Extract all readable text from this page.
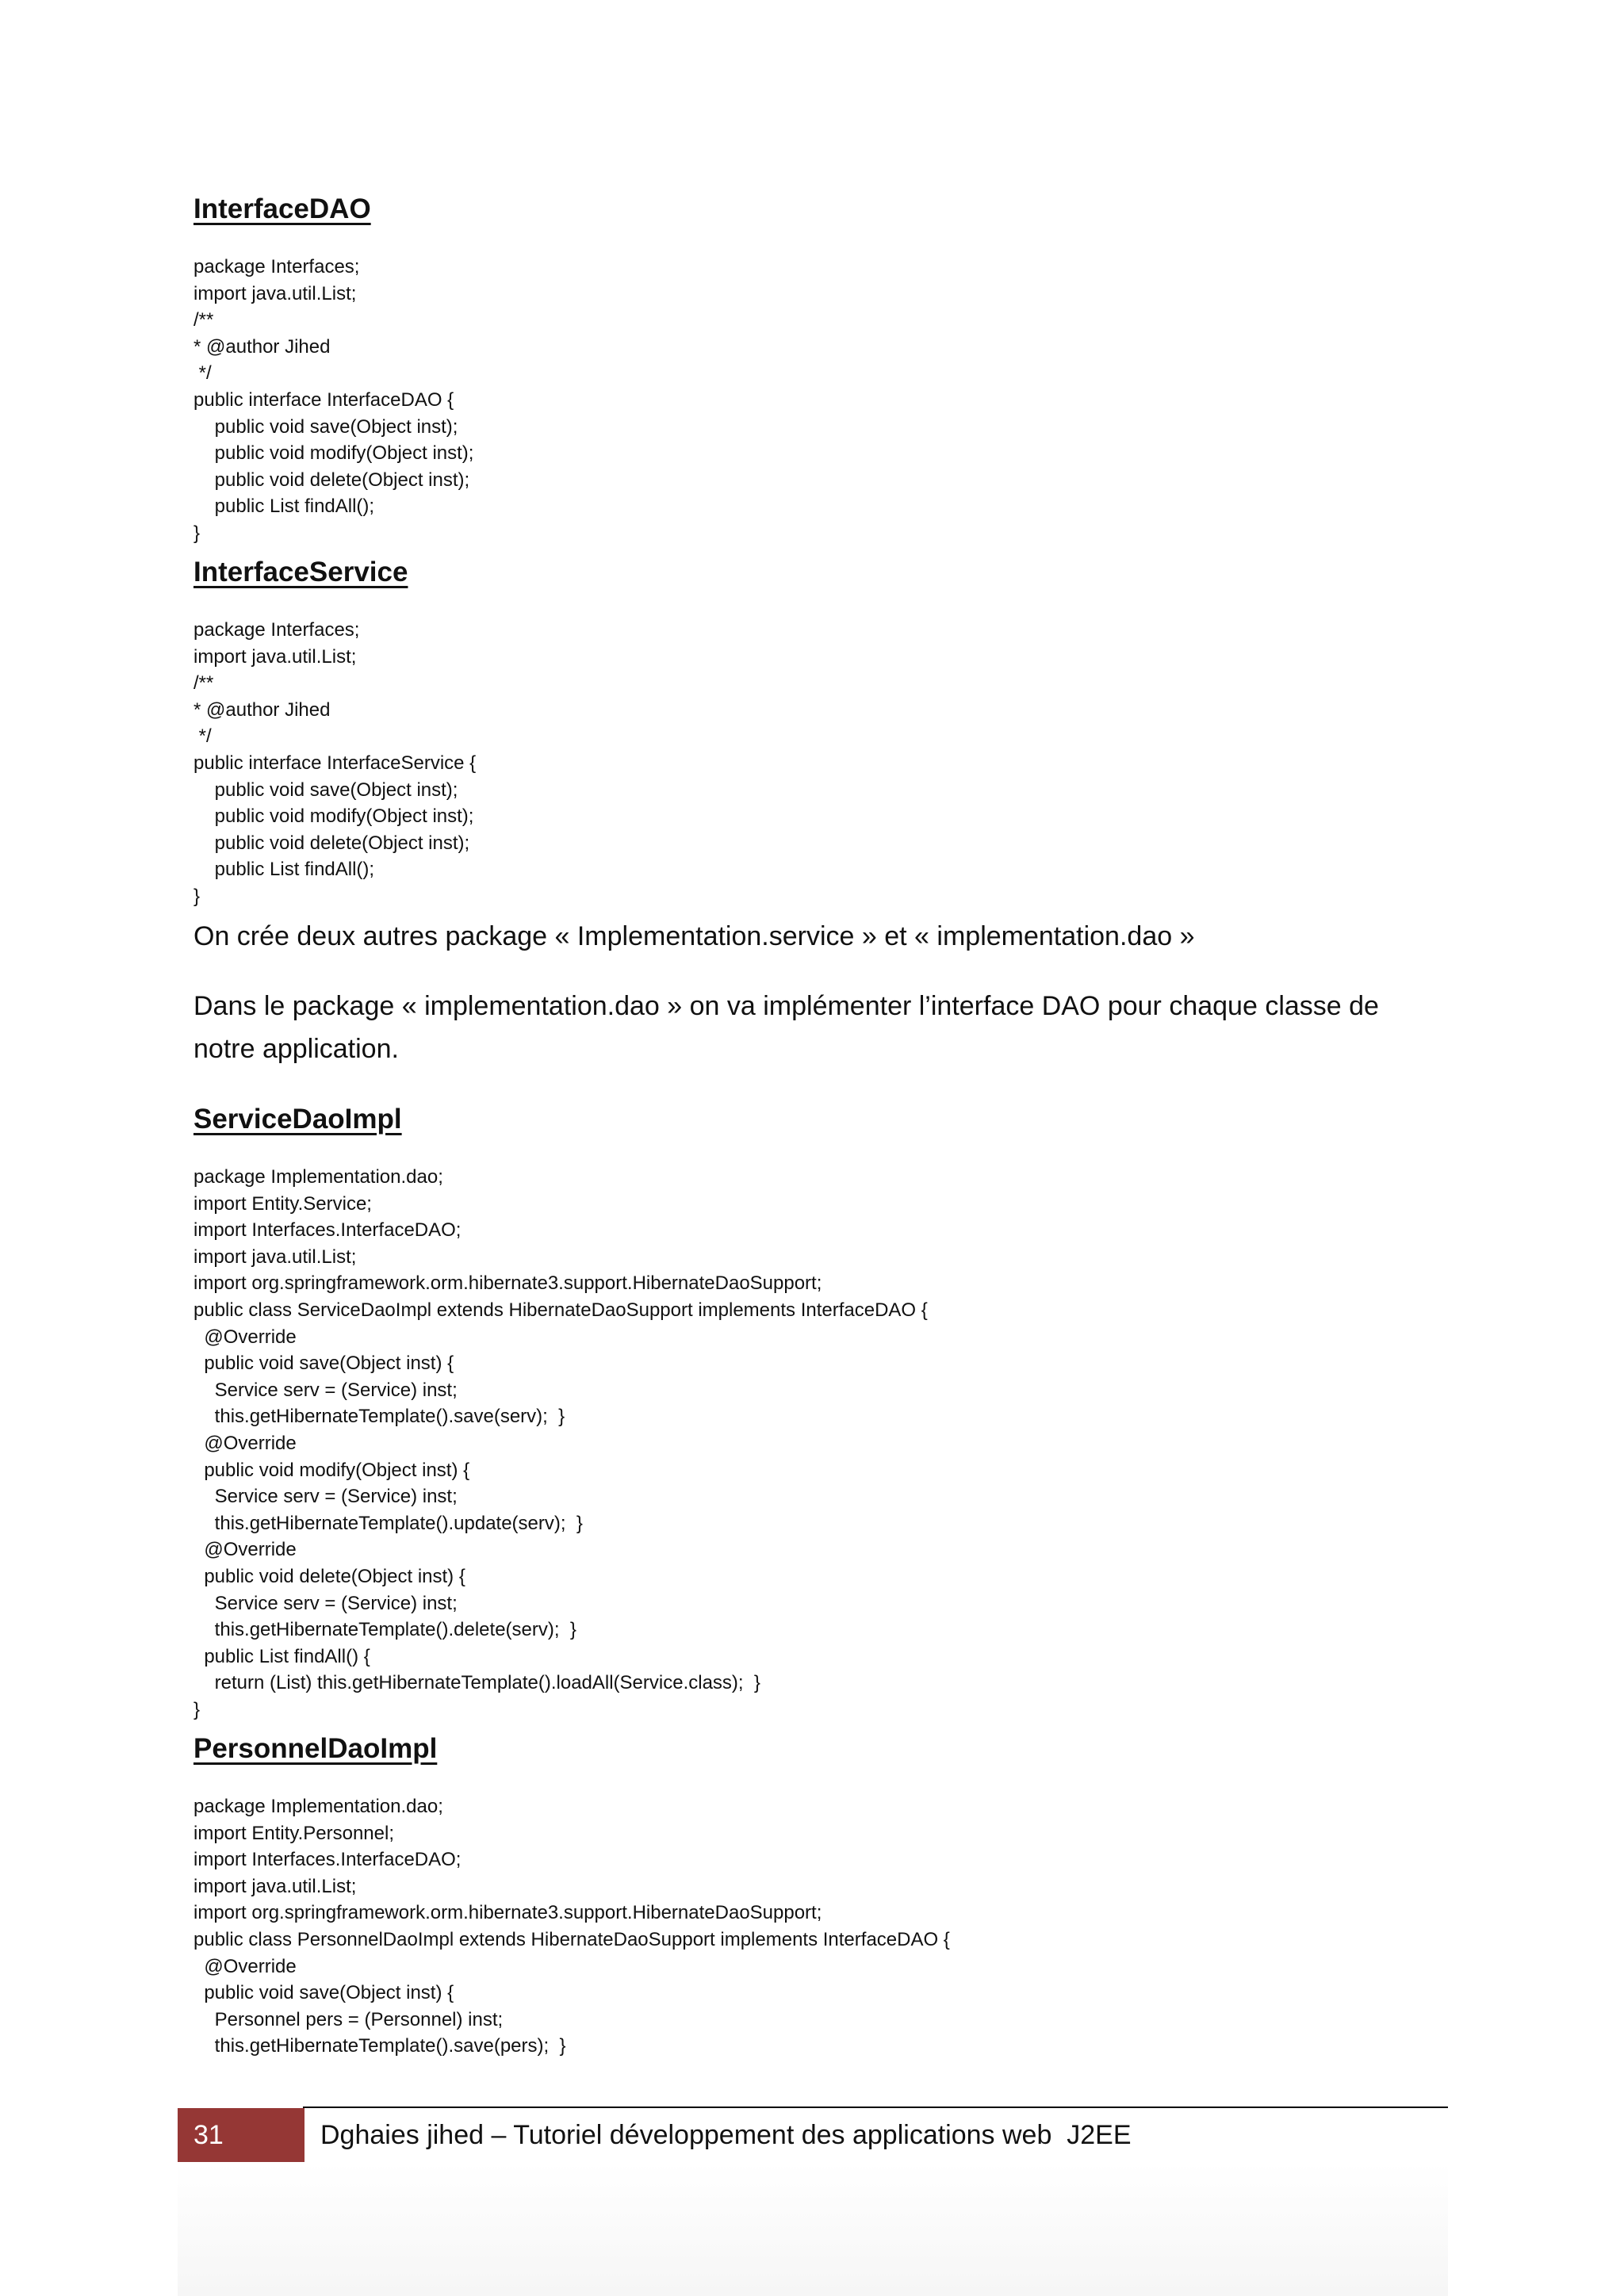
InterfaceDAO
package Interfaces;
import java.util.List;
/**
* @author Jihed
*/
public interface InterfaceDAO {
public void save(Object inst);
public void modify(Object inst);
public void delete(Object inst);
public List findAll();
}
InterfaceService
package Interfaces;
import java.util.List;
/**
* @author Jihed
*/
public interface InterfaceService {
public void save(Object inst);
public void modify(Object inst);
public void delete(Object inst);
public List findAll();
}

On crée deux autres package « Implementation.service » et « implementation.dao »

Dans le package « implementation.dao » on va implémenter l’interface DAO pour chaque classe de notre application.

ServiceDaoImpl
package Implementation.dao;
import Entity.Service;
import Interfaces.InterfaceDAO;
import java.util.List;
import org.springframework.orm.hibernate3.support.HibernateDaoSupport;
public class ServiceDaoImpl extends HibernateDaoSupport implements InterfaceDAO {
@Override
public void save(Object inst) {
Service serv = (Service) inst;
this.getHibernateTemplate().save(serv);  }
@Override
public void modify(Object inst) {
Service serv = (Service) inst;
this.getHibernateTemplate().update(serv);  }
@Override
public void delete(Object inst) {
Service serv = (Service) inst;
this.getHibernateTemplate().delete(serv);  }
public List findAll() {
return (List) this.getHibernateTemplate().loadAll(Service.class);  }
}
PersonnelDaoImpl
package Implementation.dao;
import Entity.Personnel;
import Interfaces.InterfaceDAO;
import java.util.List;
import org.springframework.orm.hibernate3.support.HibernateDaoSupport;
public class PersonnelDaoImpl extends HibernateDaoSupport implements InterfaceDAO {
@Override
public void save(Object inst) {
Personnel pers = (Personnel) inst;
this.getHibernateTemplate().save(pers);  }
31	Dghaies jihed – Tutoriel développement des applications web  J2EE
